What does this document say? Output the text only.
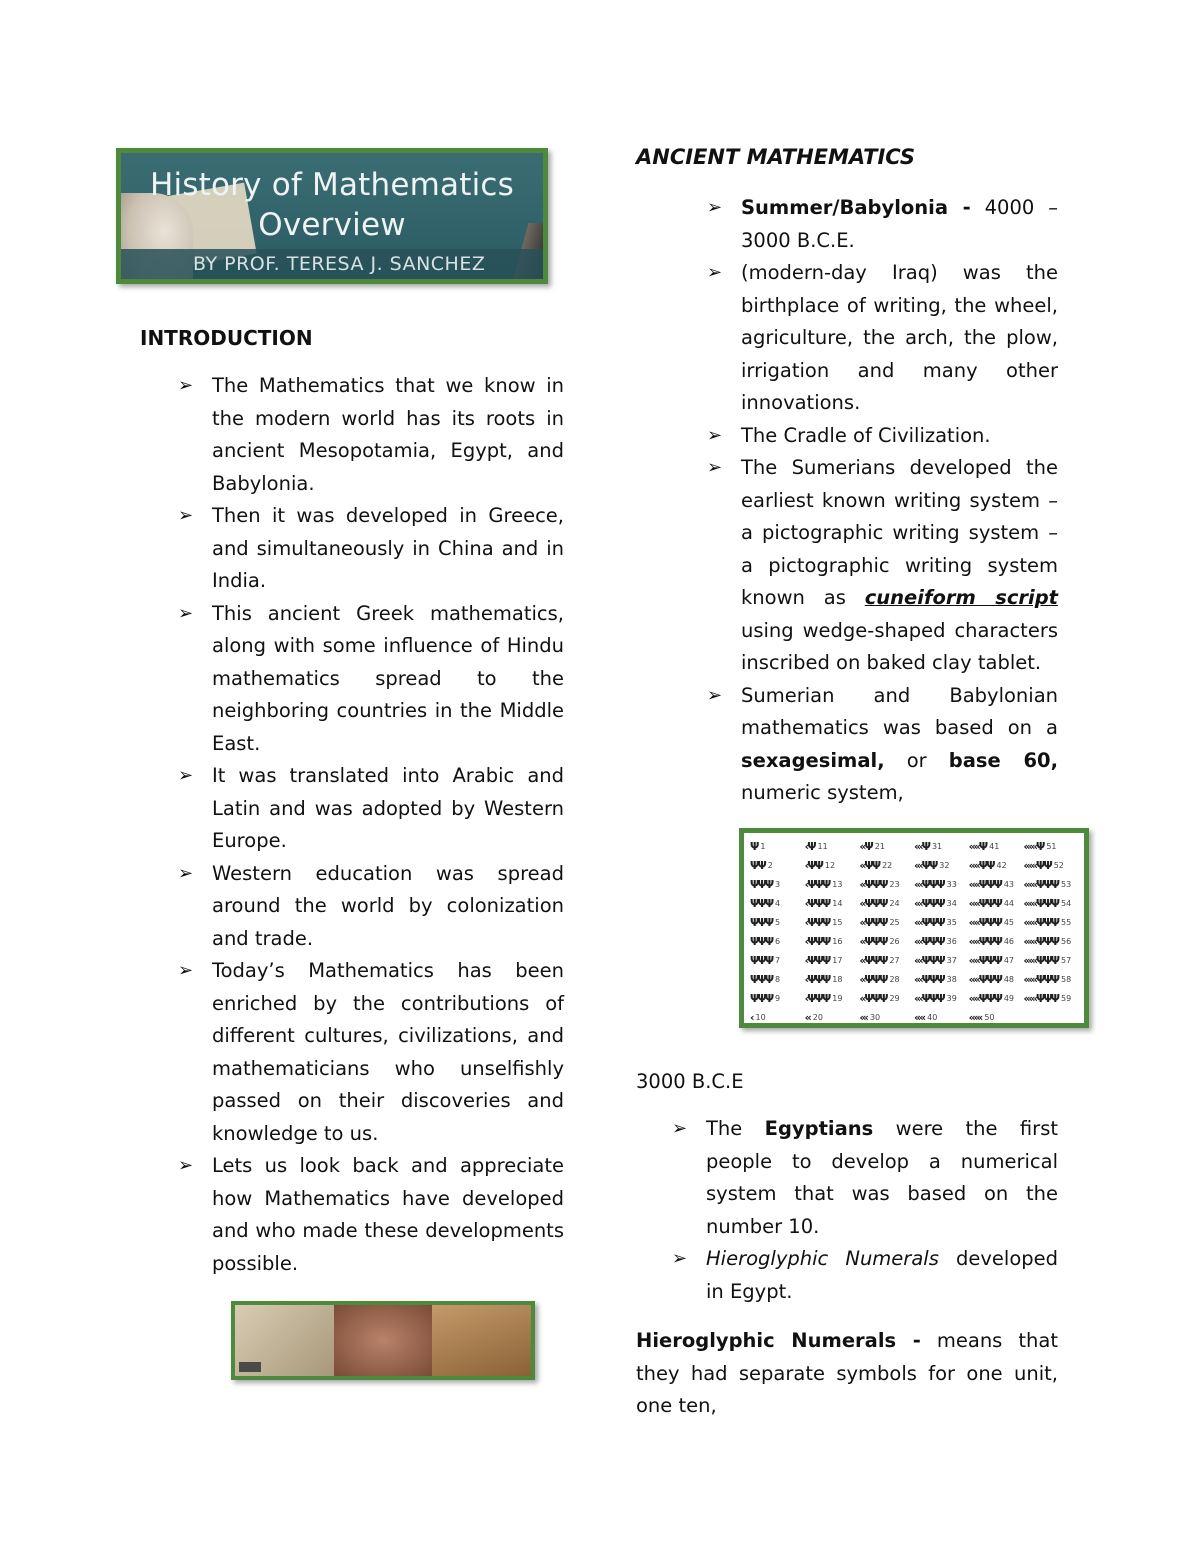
History of Mathematics
Overview
BY PROF. TERESA J. SANCHEZ
INTRODUCTION
➢ The Mathematics that we know in the modern world has its roots in ancient Mesopotamia, Egypt, and Babylonia.
➢ Then it was developed in Greece, and simultaneously in China and in India.
➢ This ancient Greek mathematics, along with some influence of Hindu mathematics spread to the neighboring countries in the Middle East.
➢ It was translated into Arabic and Latin and was adopted by Western Europe.
➢ Western education was spread around the world by colonization and trade.
➢ Today’s Mathematics has been enriched by the contributions of different cultures, civilizations, and mathematicians who unselfishly passed on their discoveries and knowledge to us.
➢ Lets us look back and appreciate how Mathematics have developed and who made these developments possible.
ANCIENT MATHEMATICS
➢ Summer/Babylonia - 4000 – 3000 B.C.E.
➢ (modern-day Iraq) was the birthplace of writing, the wheel, agriculture, the arch, the plow, irrigation and many other innovations.
➢ The Cradle of Civilization.
➢ The Sumerians developed the earliest known writing system – a pictographic writing system – a pictographic writing system known as cuneiform script using wedge-shaped characters inscribed on baked clay tablet.
➢ Sumerian and Babylonian mathematics was based on a sexagesimal, or base 60, numeric system,
Ψ 1	‹Ψ 11	‹‹Ψ 21	‹‹‹Ψ 31 ‹‹‹‹Ψ 41 ‹‹‹‹‹Ψ 51
ΨΨ 2	‹ΨΨ 12 ‹‹ΨΨ 22 ‹‹‹ΨΨ 32 ‹‹‹‹ΨΨ 42 ‹‹‹‹‹ΨΨ 52
ΨΨΨ 3 ‹ΨΨΨ 13 ‹‹ΨΨΨ 23 ‹‹‹ΨΨΨ 33 ‹‹‹‹ΨΨΨ 43 ‹‹‹‹‹ΨΨΨ 53
ΨΨΨ 4 ‹ΨΨΨ 14 ‹‹ΨΨΨ 24 ‹‹‹ΨΨΨ 34 ‹‹‹‹ΨΨΨ 44 ‹‹‹‹‹ΨΨΨ 54
ΨΨΨ 5 ‹ΨΨΨ 15 ‹‹ΨΨΨ 25 ‹‹‹ΨΨΨ 35 ‹‹‹‹ΨΨΨ 45 ‹‹‹‹‹ΨΨΨ 55
ΨΨΨ 6 ‹ΨΨΨ 16 ‹‹ΨΨΨ 26 ‹‹‹ΨΨΨ 36 ‹‹‹‹ΨΨΨ 46 ‹‹‹‹‹ΨΨΨ 56
ΨΨΨ 7 ‹ΨΨΨ 17 ‹‹ΨΨΨ 27 ‹‹‹ΨΨΨ 37 ‹‹‹‹ΨΨΨ 47 ‹‹‹‹‹ΨΨΨ 57
ΨΨΨ 8 ‹ΨΨΨ 18 ‹‹ΨΨΨ 28 ‹‹‹ΨΨΨ 38 ‹‹‹‹ΨΨΨ 48 ‹‹‹‹‹ΨΨΨ 58
ΨΨΨ 9 ‹ΨΨΨ 19 ‹‹ΨΨΨ 29 ‹‹‹ΨΨΨ 39 ‹‹‹‹ΨΨΨ 49 ‹‹‹‹‹ΨΨΨ 59
‹ 10	‹‹ 20	‹‹‹ 30	‹‹‹‹ 40	‹‹‹‹‹ 50
3000 B.C.E
➢ The Egyptians were the first people to develop a numerical system that was based on the number 10.
➢ Hieroglyphic Numerals developed in Egypt.
Hieroglyphic Numerals - means that they had separate symbols for one unit, one ten,
